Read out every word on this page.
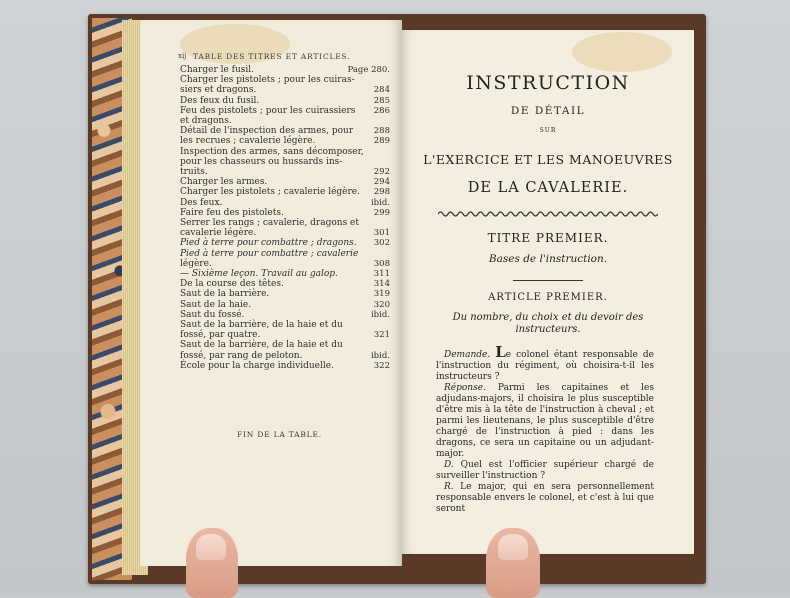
xij TABLE DES TITRES ET ARTICLES.
Charger le fusil.	Page 280.
Charger les pistolets ; pour les cuiras-
siers et dragons.	284
Des feux du fusil.	285
Feu des pistolets ; pour les cuirassiers 286
et dragons.
Détail de l'inspection des armes, pour 288
les recrues ; cavalerie légère.	289
Inspection des armes, sans décomposer,
pour les chasseurs ou hussards ins-
truits.	292
Charger les armes.	294
Charger les pistolets ; cavalerie légère. 298
Des feux.	ibid.
Faire feu des pistolets.	299
Serrer les rangs ; cavalerie, dragons et
cavalerie légère.	301
Pied à terre pour combattre ; dragons. 302
Pied à terre pour combattre ; cavalerie
légère.	308
— Sixième leçon. Travail au galop.	311
De la course des têtes.	314
Saut de la barrière.	319
Saut de la haie.	320
Saut du fossé.	ibid.
Saut de la barrière, de la haie et du
fossé, par quatre.	321
Saut de la barrière, de la haie et du
fossé, par rang de peloton.	ibid.
École pour la charge individuelle.	322
FIN DE LA TABLE.
INSTRUCTION
DE DÉTAIL
SUR
L'EXERCICE ET LES MANOEUVRES
DE LA CAVALERIE.
TITRE PREMIER.
Bases de l'instruction.
ARTICLE PREMIER.
Du nombre, du choix et du devoir des instructeurs.

Demande. Le colonel étant responsable de l'instruction du régiment, où choisira-t-il les instructeurs ?

Réponse. Parmi les capitaines et les adjudans-majors, il choisira le plus susceptible d'être mis à la tête de l'instruction à cheval ; et parmi les lieutenans, le plus susceptible d'être chargé de l'instruction à pied : dans les dragons, ce sera un capitaine ou un adjudant-major.

D. Quel est l'officier supérieur chargé de surveiller l'instruction ?

R. Le major, qui en sera personnellement responsable envers le colonel, et c'est à lui que seront
